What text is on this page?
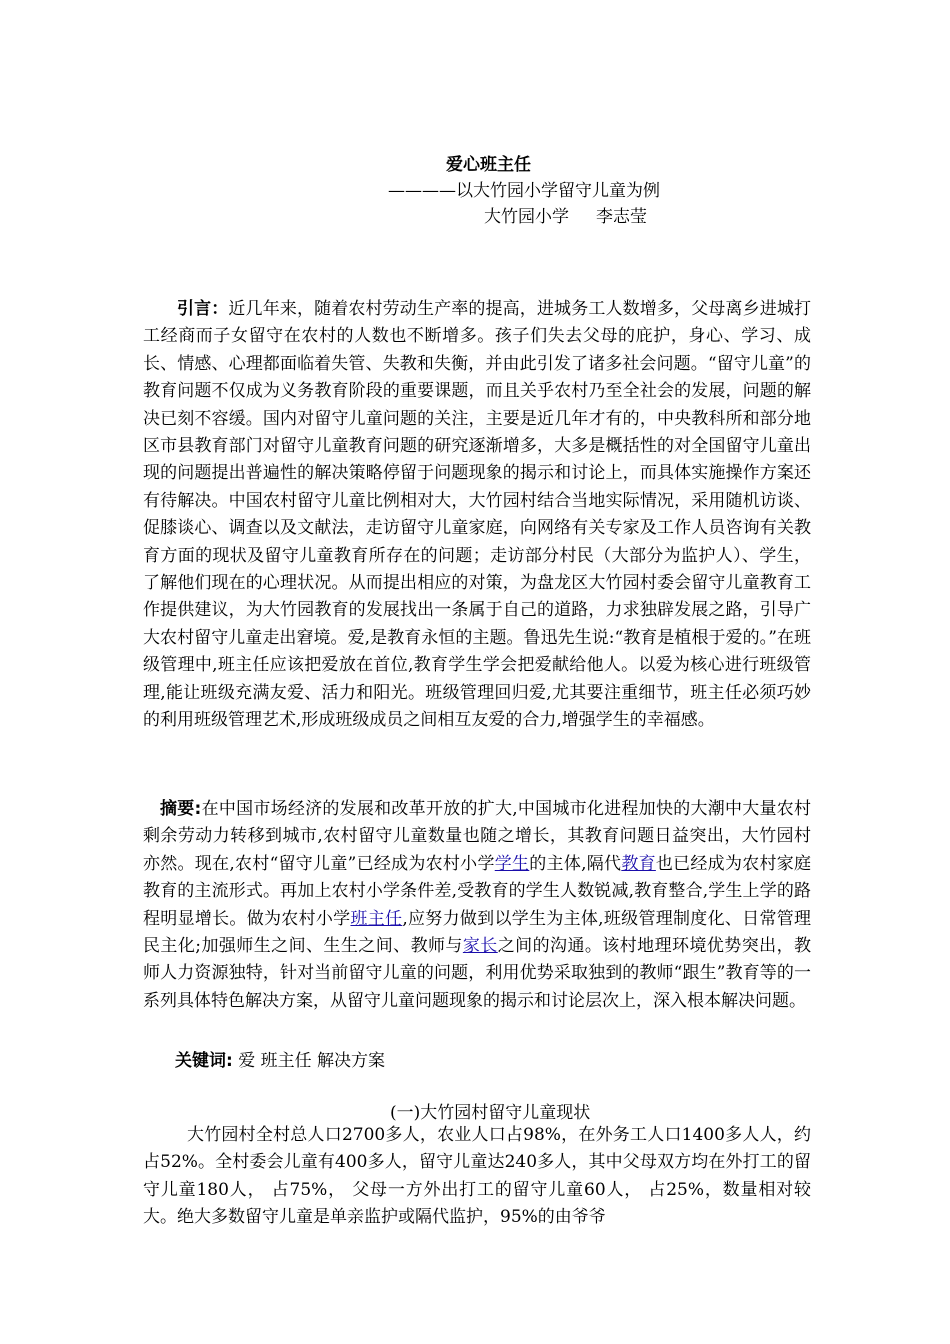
爱心班主任
————以大竹园小学留守儿童为例
大竹园小学     李志莹

引言：近几年来，随着农村劳动生产率的提高，进城务工人数增多，父母离乡进城打工经商而子女留守在农村的人数也不断增多。孩子们失去父母的庇护，身心、学习、成长、情感、心理都面临着失管、失教和失衡，并由此引发了诸多社会问题。“留守儿童”的教育问题不仅成为义务教育阶段的重要课题，而且关乎农村乃至全社会的发展，问题的解决已刻不容缓。国内对留守儿童问题的关注，主要是近几年才有的，中央教科所和部分地区市县教育部门对留守儿童教育问题的研究逐渐增多，大多是概括性的对全国留守儿童出现的问题提出普遍性的解决策略停留于问题现象的揭示和讨论上，而具体实施操作方案还有待解决。中国农村留守儿童比例相对大，大竹园村结合当地实际情况，采用随机访谈、促膝谈心、调查以及文献法，走访留守儿童家庭，向网络有关专家及工作人员咨询有关教育方面的现状及留守儿童教育所存在的问题；走访部分村民（大部分为监护人）、学生，了解他们现在的心理状况。从而提出相应的对策，为盘龙区大竹园村委会留守儿童教育工作提供建议，为大竹园教育的发展找出一条属于自己的道路，力求独辟发展之路，引导广大农村留守儿童走出窘境。爱,是教育永恒的主题。鲁迅先生说:“教育是植根于爱的。”在班级管理中,班主任应该把爱放在首位,教育学生学会把爱献给他人。以爱为核心进行班级管理,能让班级充满友爱、活力和阳光。班级管理回归爱,尤其要注重细节，班主任必须巧妙的利用班级管理艺术,形成班级成员之间相互友爱的合力,增强学生的幸福感。

摘要:在中国市场经济的发展和改革开放的扩大,中国城市化进程加快的大潮中大量农村剩余劳动力转移到城市,农村留守儿童数量也随之增长，其教育问题日益突出，大竹园村亦然。现在,农村“留守儿童”已经成为农村小学学生的主体,隔代教育也已经成为农村家庭教育的主流形式。再加上农村小学条件差,受教育的学生人数锐减,教育整合,学生上学的路程明显增长。做为农村小学班主任,应努力做到以学生为主体,班级管理制度化、日常管理民主化;加强师生之间、生生之间、教师与家长之间的沟通。该村地理环境优势突出，教师人力资源独特，针对当前留守儿童的问题，利用优势采取独到的教师“跟生”教育等的一系列具体特色解决方案，从留守儿童问题现象的揭示和讨论层次上，深入根本解决问题。

关键词: 爱 班主任 解决方案
(一)大竹园村留守儿童现状

大竹园村全村总人口2700多人，农业人口占98%，在外务工人口1400多人人，约占52%。全村委会儿童有400多人，留守儿童达240多人，其中父母双方均在外打工的留守儿童180人， 占75%， 父母一方外出打工的留守儿童60人， 占25%，数量相对较大。绝大多数留守儿童是单亲监护或隔代监护，95%的由爷爷
